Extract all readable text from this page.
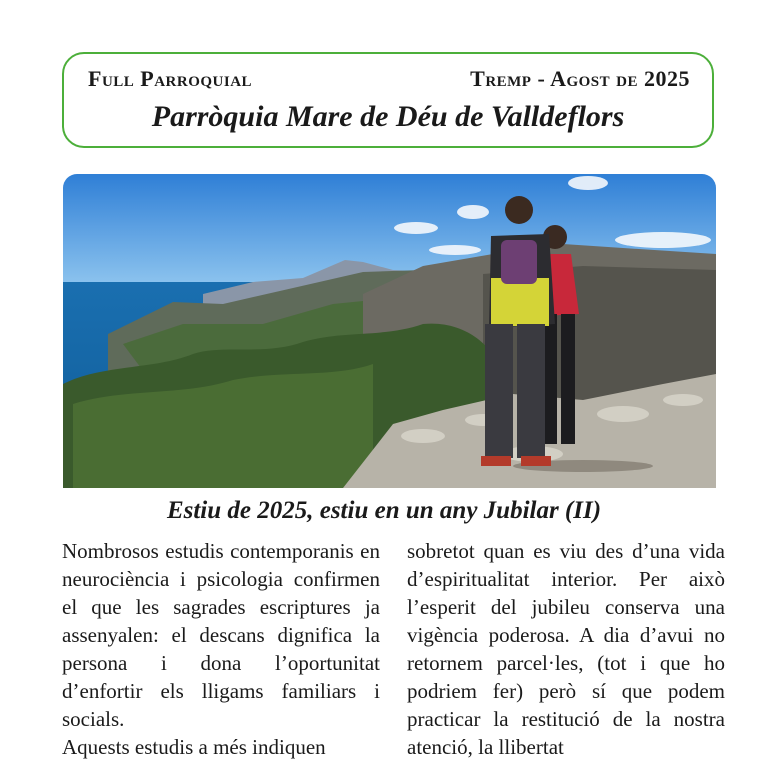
Full Parroquial	Tremp - Agost de 2025
Parròquia Mare de Déu de Valldeflors
Estiu de 2025, estiu en un any Jubilar (II)

Nombrosos estudis contemporanis en neurociència i psicologia confirmen el que les sagrades escriptures ja assenyalen: el descans dignifica la persona i dona l’oportunitat d’enfortir els lligams familiars i socials.

Aquests estudis a més indiquen

sobretot quan es viu des d’una vida d’espiritualitat interior. Per això l’esperit del jubileu conserva una vigència poderosa. A dia d’avui no retornem parcel·les, (tot i que ho podriem fer) però sí que podem practicar la restitució de la nostra atenció, la llibertat
